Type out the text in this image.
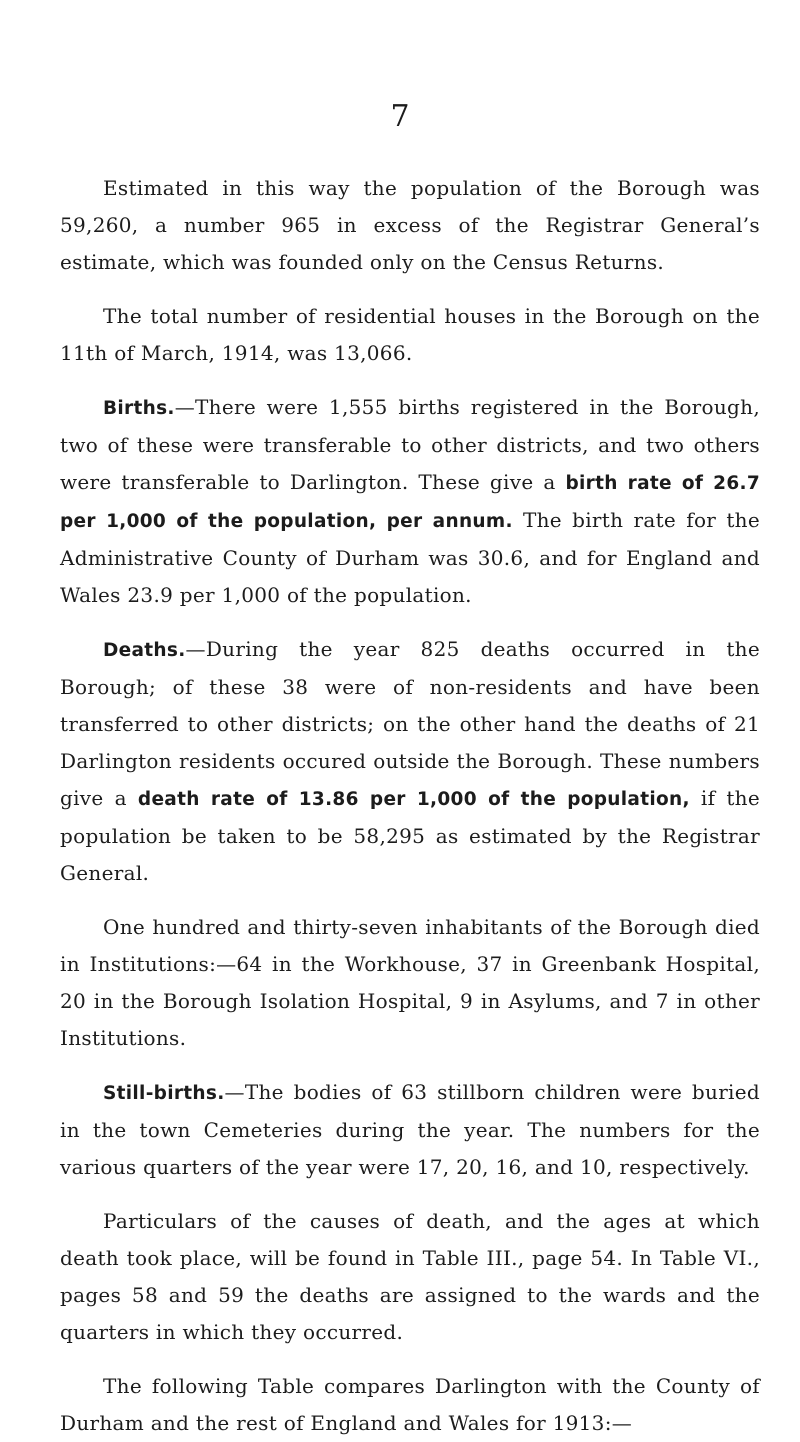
7

Estimated in this way the population of the Borough was 59,260, a number 965 in excess of the Registrar General’s estimate, which was founded only on the Census Returns.

The total number of residential houses in the Borough on the 11th of March, 1914, was 13,066.

Births.—There were 1,555 births registered in the Borough, two of these were transferable to other districts, and two others were transferable to Darlington. These give a birth rate of 26.7 per 1,000 of the population, per annum. The birth rate for the Administrative County of Durham was 30.6, and for England and Wales 23.9 per 1,000 of the population.

Deaths.—During the year 825 deaths occurred in the Borough; of these 38 were of non-residents and have been transferred to other districts; on the other hand the deaths of 21 Darlington residents occured outside the Borough. These numbers give a death rate of 13.86 per 1,000 of the population, if the population be taken to be 58,295 as estimated by the Registrar General.

One hundred and thirty-seven inhabitants of the Borough died in Institutions:—64 in the Workhouse, 37 in Greenbank Hospital, 20 in the Borough Isolation Hospital, 9 in Asylums, and 7 in other Institutions.

Still-births.—The bodies of 63 stillborn children were buried in the town Cemeteries during the year. The numbers for the various quarters of the year were 17, 20, 16, and 10, respectively.

Particulars of the causes of death, and the ages at which death took place, will be found in Table III., page 54. In Table VI., pages 58 and 59 the deaths are assigned to the wards and the quarters in which they occurred.

The following Table compares Darlington with the County of Durham and the rest of England and Wales for 1913:—
